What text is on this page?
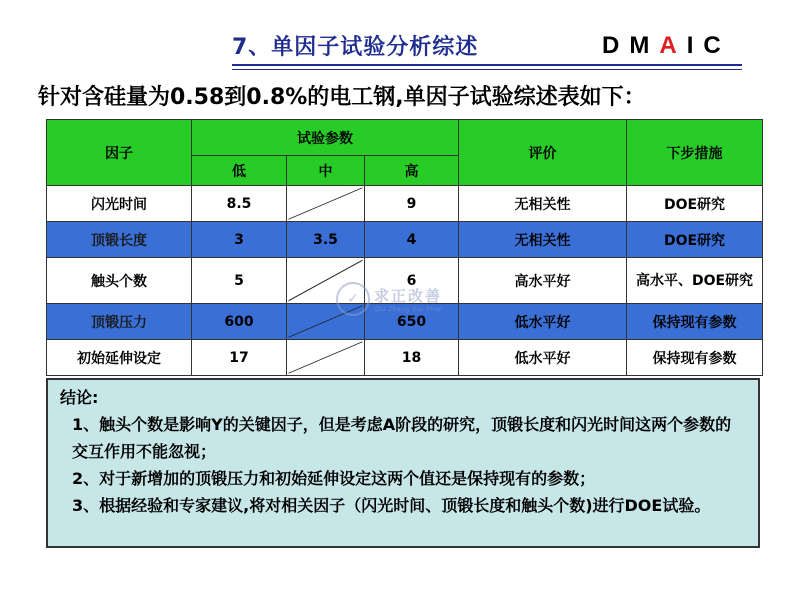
7、单因子试验分析综述	DMAIC
针对含硅量为0.58到0.8%的电工钢,单因子试验综述表如下：
因子	试验参数			评价	下步措施
	低	中	高		
闪光时间	8.5		9	无相关性	DOE研究
顶锻长度	3	3.5	4	无相关性	DOE研究
触头个数	5		6	高水平好	高水平、DOE研究
顶锻压力	600		650	低水平好	保持现有参数
初始延伸设定	17		18	低水平好	保持现有参数
✓	求正改善
Qiu Zheng Gai Shan
结论:
1、触头个数是影响Y的关键因子，但是考虑A阶段的研究，顶锻长度和闪光时间这两个参数的交互作用不能忽视；
2、对于新增加的顶锻压力和初始延伸设定这两个值还是保持现有的参数；
3、根据经验和专家建议,将对相关因子（闪光时间、顶锻长度和触头个数)进行DOE试验。
